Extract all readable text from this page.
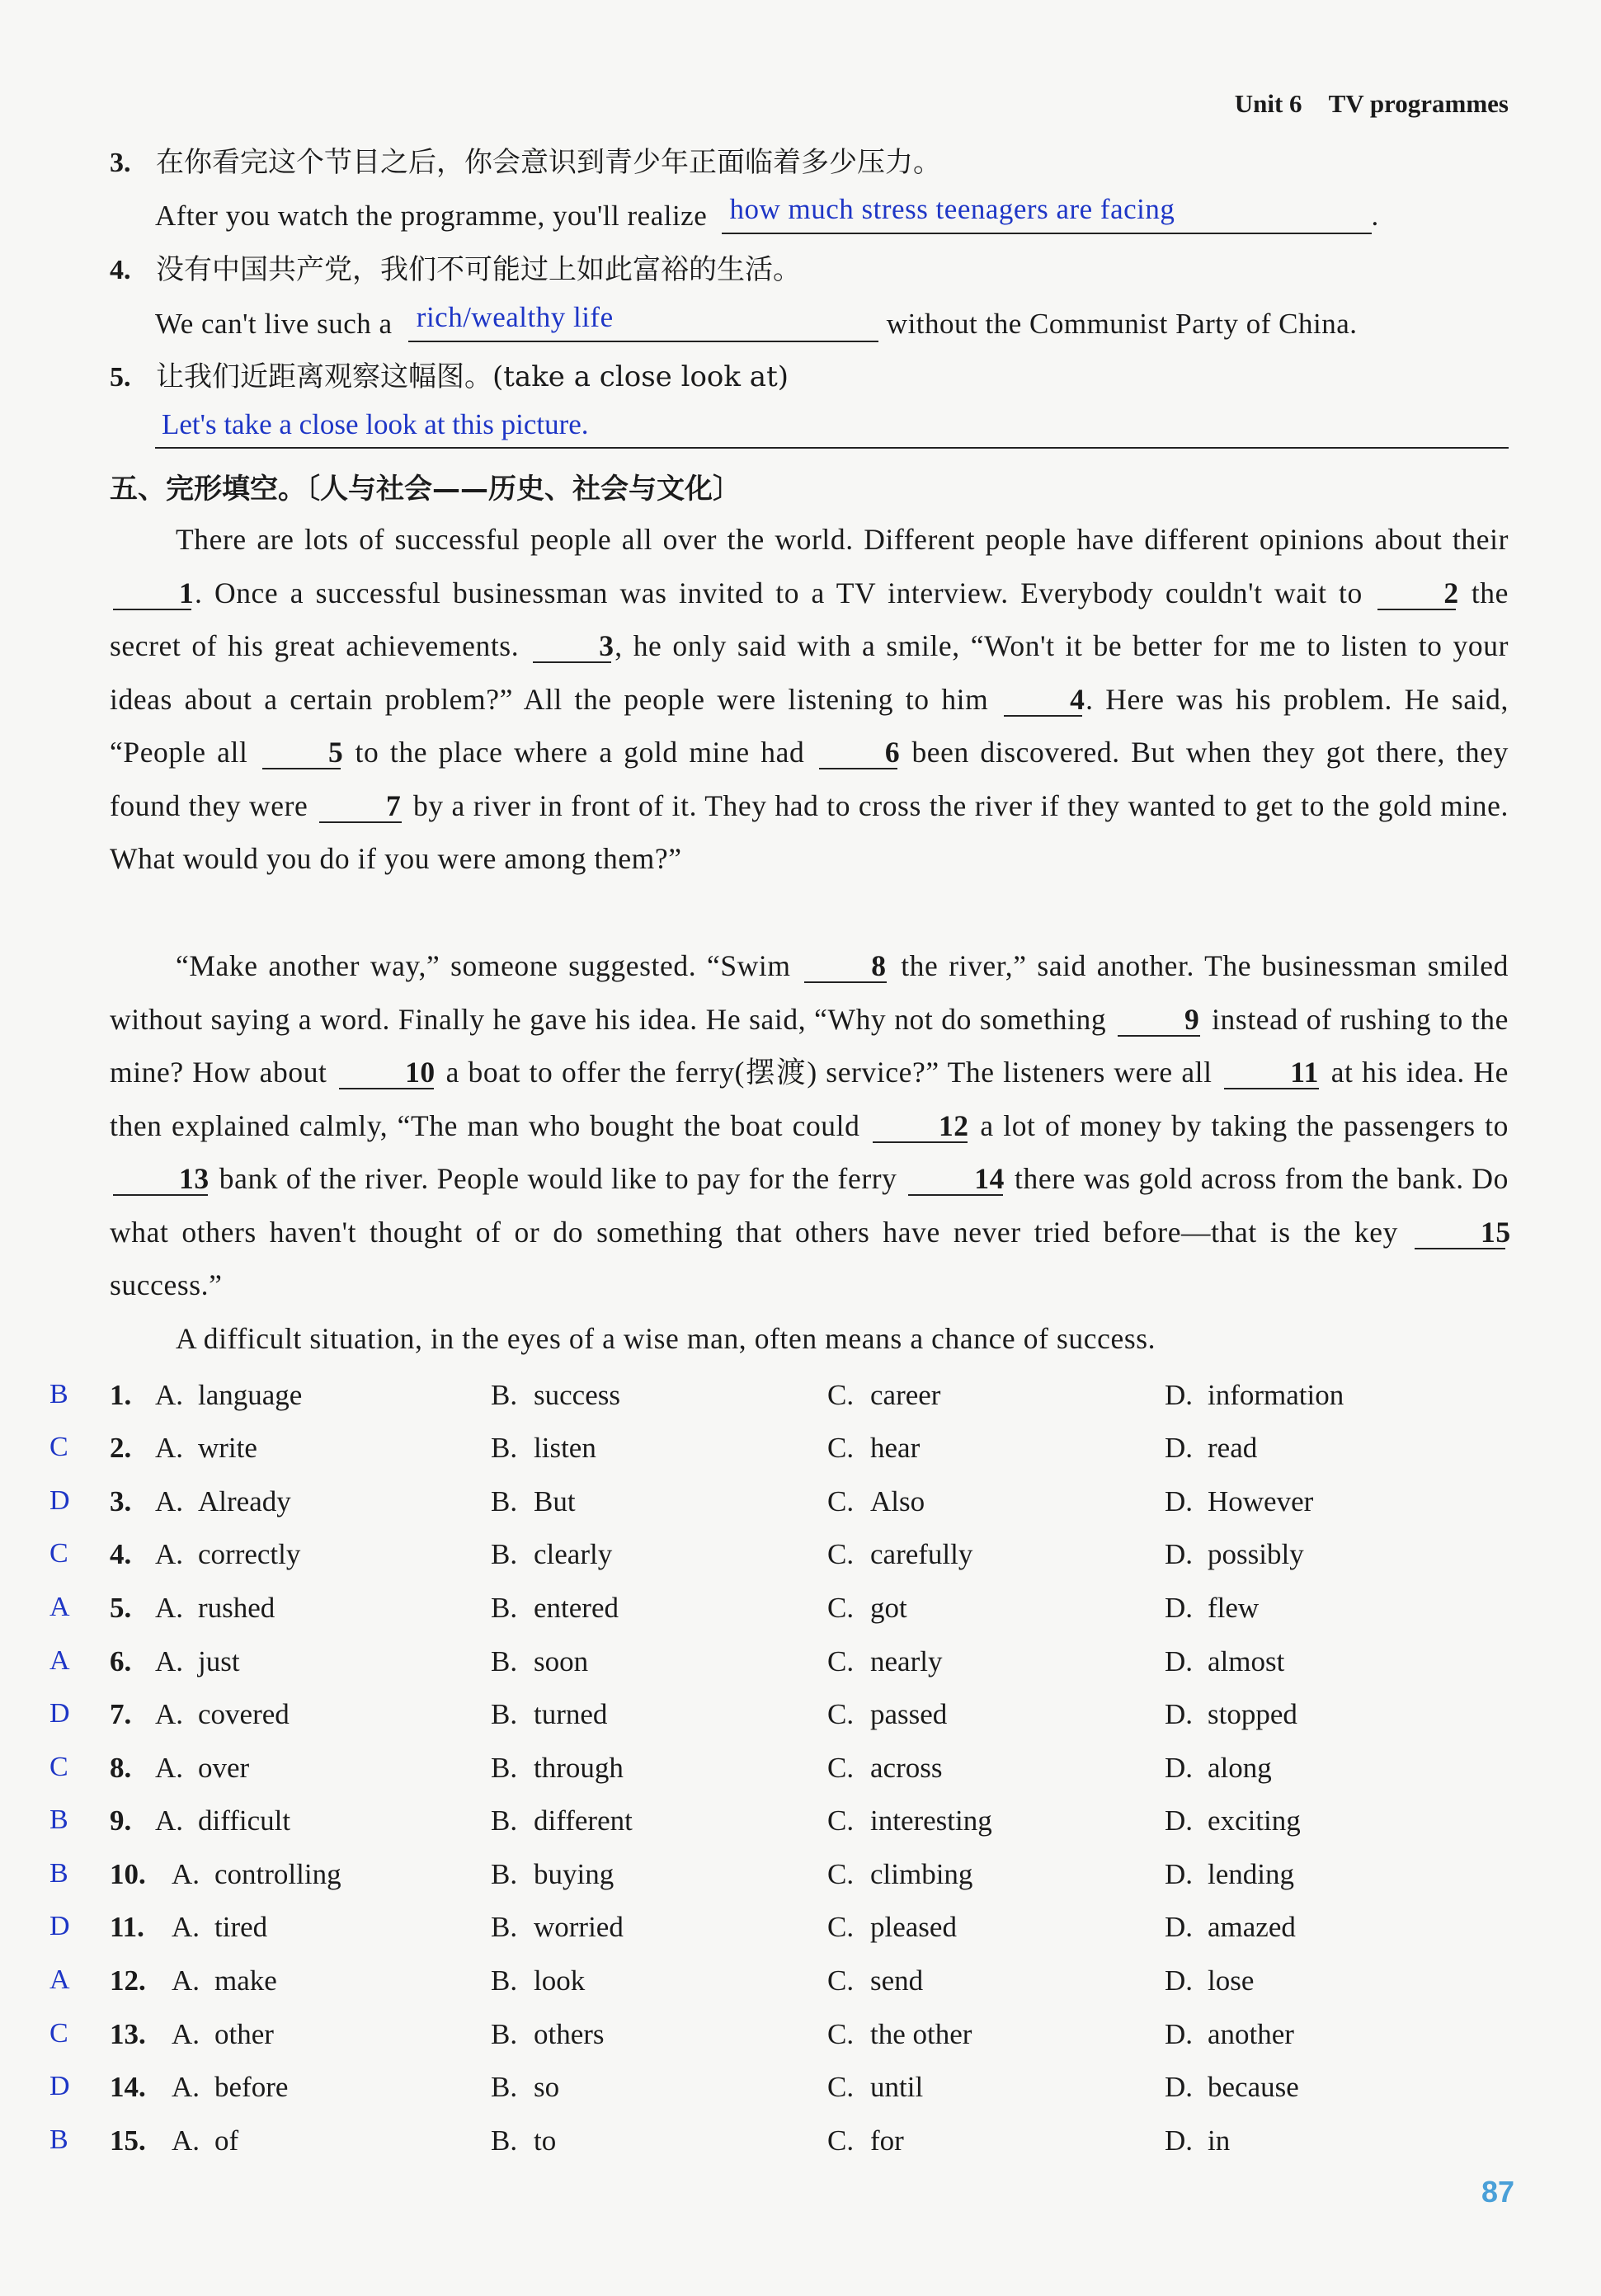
Unit 6 TV programmes
3. 在你看完这个节目之后，你会意识到青少年正面临着多少压力。
After you watch the programme, you'll realize how much stress teenagers are facing	.
4. 没有中国共产党，我们不可能过上如此富裕的生活。
We can't live such a rich/wealthy life	without the Communist Party of China.
5. 让我们近距离观察这幅图。(take a close look at)
Let's take a close look at this picture.
五、完形填空。〔人与社会——历史、社会与文化〕
There are lots of successful people all over the world. Different people have different opinions about their 1. Once a successful businessman was invited to a TV interview. Everybody couldn't wait to	2 the secret of his great achievements.	3, he only said with a smile, “Won't it be better for me to listen to your ideas about a certain problem?” All the people were listening to him	4. Here was his problem. He said, “People all	5 to the place where a gold mine had	6 been discovered. But when they got there, they found they were	7 by a river in front of it. They had to cross the river if they wanted to get to the gold mine. What would you do if you were among them?”
“Make another way,” someone suggested. “Swim	8 the river,” said another. The businessman smiled without saying a word. Finally he gave his idea. He said, “Why not do something	9 instead of rushing to the mine? How about	10 a boat to offer the ferry(摆渡) service?” The listeners were all	11 at his idea. He then explained calmly, “The man who bought the boat could	12 a lot of money by taking the passengers to 13 bank of the river. People would like to pay for the ferry	14 there was gold across from the bank. Do what others haven't thought of or do something that others have never tried before—that is the key	15 success.”
A difficult situation, in the eyes of a wise man, often means a chance of success.
B 1. A. language	B. success	C. career	D. information
C 2. A. write	B. listen	C. hear	D. read
D 3. A. Already	B. But	C. Also	D. However
C 4. A. correctly	B. clearly	C. carefully	D. possibly
A 5. A. rushed	B. entered	C. got	D. flew
A 6. A. just	B. soon	C. nearly	D. almost
D 7. A. covered	B. turned	C. passed	D. stopped
C 8. A. over	B. through	C. across	D. along
B 9. A. difficult	B. different	C. interesting	D. exciting
B 10. A. controlling	B. buying	C. climbing	D. lending
D 11. A. tired	B. worried	C. pleased	D. amazed
A 12. A. make	B. look	C. send	D. lose
C 13. A. other	B. others	C. the other	D. another
D 14. A. before	B. so	C. until	D. because
B 15. A. of	B. to	C. for	D. in
87
